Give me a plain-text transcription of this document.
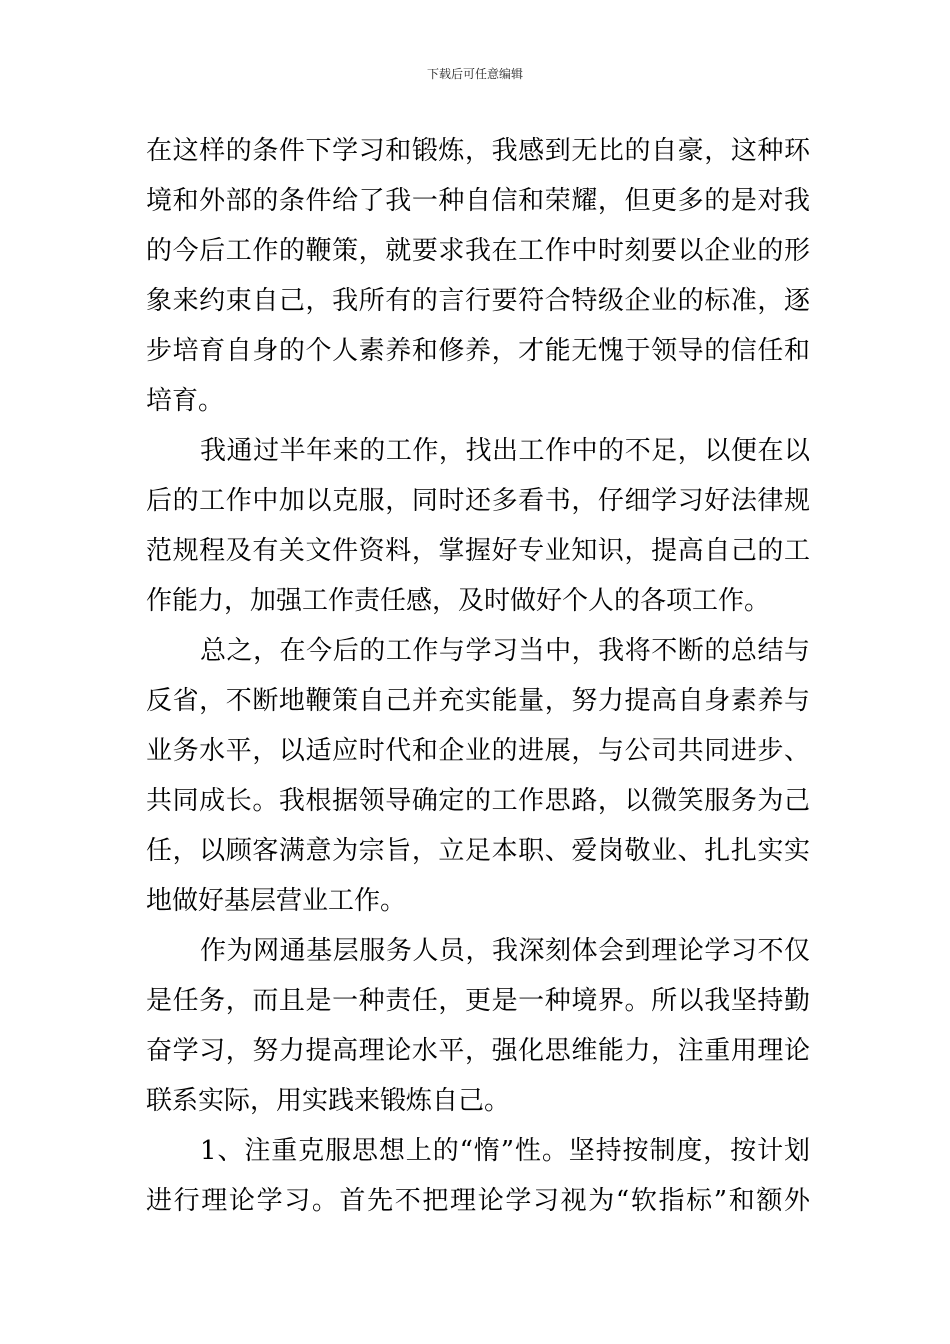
下载后可任意编辑
在这样的条件下学习和锻炼，我感到无比的自豪，这种环
境和外部的条件给了我一种自信和荣耀，但更多的是对我
的今后工作的鞭策，就要求我在工作中时刻要以企业的形
象来约束自己，我所有的言行要符合特级企业的标准，逐
步培育自身的个人素养和修养，才能无愧于领导的信任和
培育。
我通过半年来的工作，找出工作中的不足，以便在以
后的工作中加以克服，同时还多看书，仔细学习好法律规
范规程及有关文件资料，掌握好专业知识，提高自己的工
作能力，加强工作责任感，及时做好个人的各项工作。
总之，在今后的工作与学习当中，我将不断的总结与
反省，不断地鞭策自己并充实能量，努力提高自身素养与
业务水平，以适应时代和企业的进展，与公司共同进步、
共同成长。我根据领导确定的工作思路，以微笑服务为己
任，以顾客满意为宗旨，立足本职、爱岗敬业、扎扎实实
地做好基层营业工作。
作为网通基层服务人员，我深刻体会到理论学习不仅
是任务，而且是一种责任，更是一种境界。所以我坚持勤
奋学习，努力提高理论水平，强化思维能力，注重用理论
联系实际，用实践来锻炼自己。
1、注重克服思想上的“惰”性。坚持按制度，按计划
进行理论学习。首先不把理论学习视为“软指标”和额外
